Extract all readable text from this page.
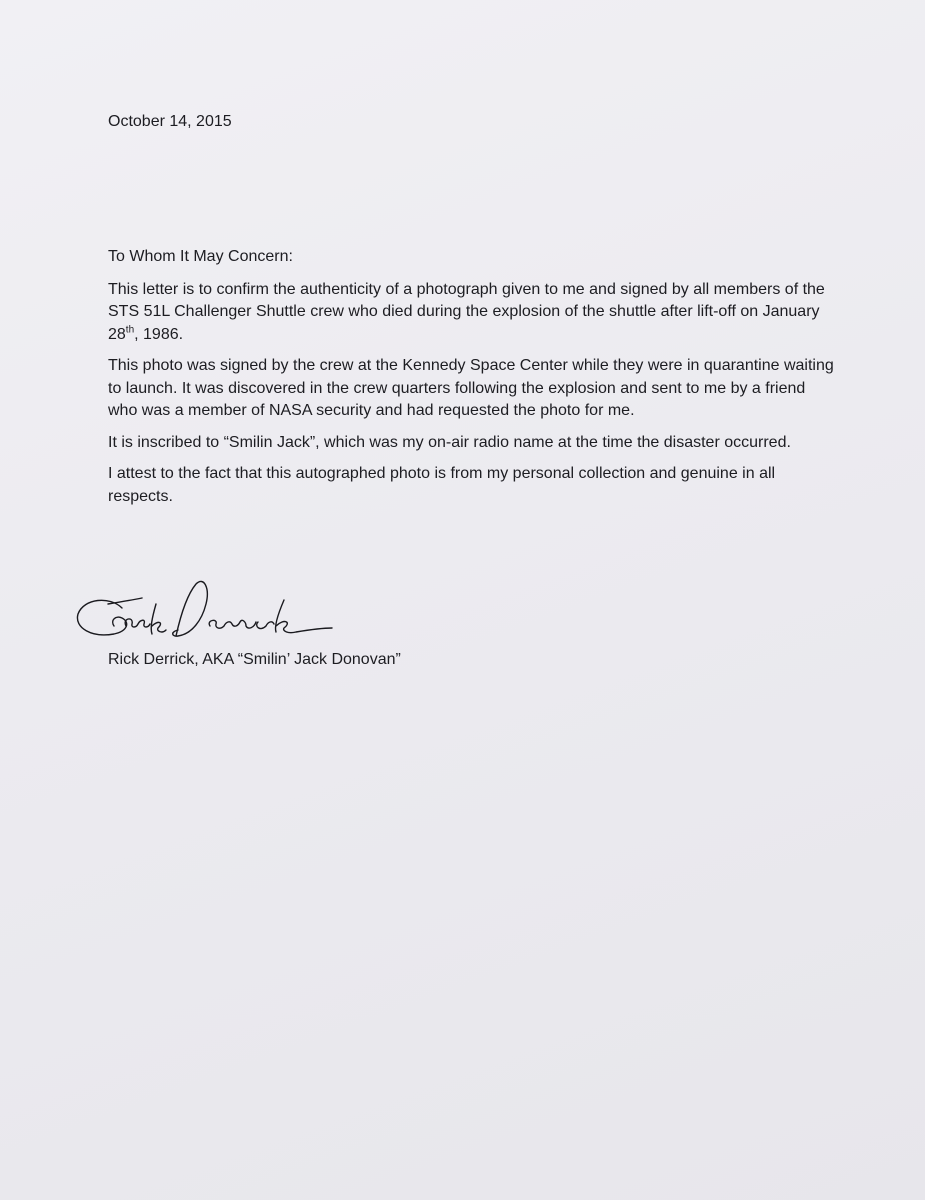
October 14, 2015

To Whom It May Concern:

This letter is to confirm the authenticity of a photograph given to me and signed by all members of the STS 51L Challenger Shuttle crew who died during the explosion of the shuttle after lift-off on January 28th, 1986.

This photo was signed by the crew at the Kennedy Space Center while they were in quarantine waiting to launch. It was discovered in the crew quarters following the explosion and sent to me by a friend who was a member of NASA security and had requested the photo for me.

It is inscribed to “Smilin Jack”, which was my on-air radio name at the time the disaster occurred.

I attest to the fact that this autographed photo is from my personal collection and genuine in all respects.

Rick Derrick, AKA “Smilin’ Jack Donovan”
